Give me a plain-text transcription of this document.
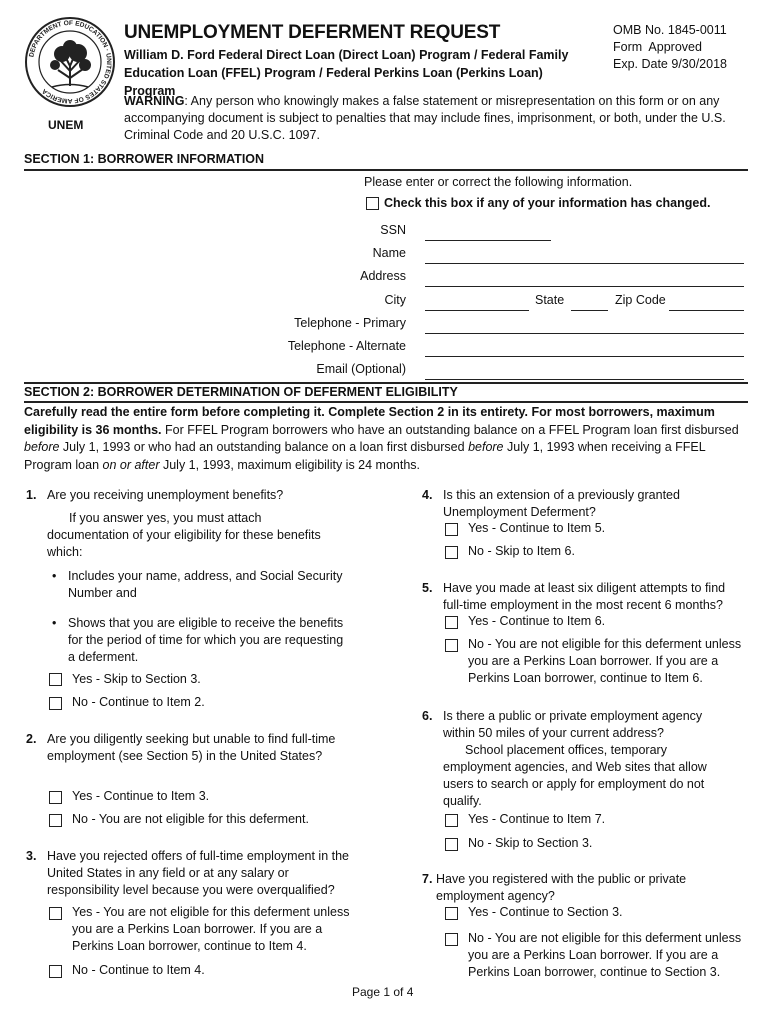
DEPARTMENT OF EDUCATION · UNITED STATES OF AMERICA
UNEM
UNEMPLOYMENT DEFERMENT REQUEST
William D. Ford Federal Direct Loan (Direct Loan) Program / Federal Family
Education Loan (FFEL) Program / Federal Perkins Loan (Perkins Loan) Program
OMB No. 1845-0011
Form  Approved
Exp. Date 9/30/2018
WARNING: Any person who knowingly makes a false statement or misrepresentation on this form or on any accompanying document is subject to penalties that may include fines, imprisonment, or both, under the U.S. Criminal Code and 20 U.S.C. 1097.
SECTION 1: BORROWER INFORMATION
Please enter or correct the following information.
Check this box if any of your information has changed.
SSN
Name
Address
City	State	Zip Code
Telephone - Primary
Telephone - Alternate
Email (Optional)
SECTION 2: BORROWER DETERMINATION OF DEFERMENT ELIGIBILITY
Carefully read the entire form before completing it. Complete Section 2 in its entirety. For most borrowers, maximum eligibility is 36 months. For FFEL Program borrowers who have an outstanding balance on a FFEL Program loan first disbursed before July 1, 1993 or who had an outstanding balance on a loan first disbursed before July 1, 1993 when receiving a FFEL Program loan on or after July 1, 1993, maximum eligibility is 24 months.
1. Are you receiving unemployment benefits?
If you answer yes, you must attach documentation of your eligibility for these benefits which:
• Includes your name, address, and Social Security Number and
• Shows that you are eligible to receive the benefits for the period of time for which you are requesting a deferment.
Yes - Skip to Section 3.
No - Continue to Item 2.
2. Are you diligently seeking but unable to find full-time employment (see Section 5) in the United States?
Yes - Continue to Item 3.
No - You are not eligible for this deferment.
3. Have you rejected offers of full-time employment in the United States in any field or at any salary or responsibility level because you were overqualified?
Yes - You are not eligible for this deferment unless you are a Perkins Loan borrower. If you are a Perkins Loan borrower, continue to Item 4.
No - Continue to Item 4.
4. Is this an extension of a previously granted Unemployment Deferment?
Yes - Continue to Item 5.
No - Skip to Item 6.
5. Have you made at least six diligent attempts to find full-time employment in the most recent 6 months?
Yes - Continue to Item 6.
No - You are not eligible for this deferment unless you are a Perkins Loan borrower. If you are a Perkins Loan borrower, continue to Item 6.
6. Is there a public or private employment agency within 50 miles of your current address?
School placement offices, temporary employment agencies, and Web sites that allow users to search or apply for employment do not qualify.
Yes - Continue to Item 7.
No - Skip to Section 3.
7. Have you registered with the public or private employment agency?
Yes - Continue to Section 3.
No - You are not eligible for this deferment unless you are a Perkins Loan borrower. If you are a Perkins Loan borrower, continue to Section 3.
Page 1 of 4
